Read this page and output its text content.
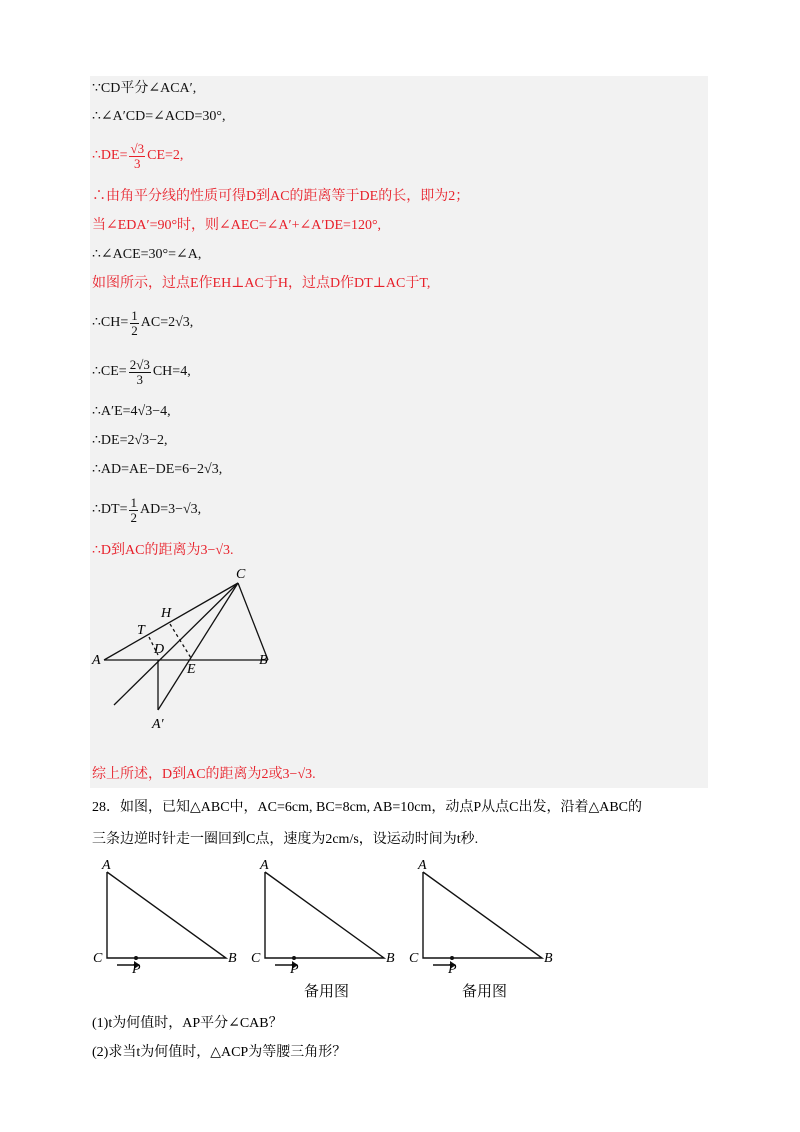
∵CD平分∠ACA′,
∴∠A′CD=∠ACD=30°,
∴DE= $\frac{√3}{3} CE=2$,
∴由角平分线的性质可得D到AC的距离等于DE的长，即为2；
当∠EDA′=90°时，则∠AEC=∠A′+∠A′DE=120°,
∴∠ACE=30°=∠A,
如图所示，过点E作EH⊥AC于H，过点D作DT⊥AC于T,
∴CH= $\frac{1}{2} AC=2√3$,
∴CE= $\frac{2√3}{3} CH=4$,
∴A′E=4√3−4,
∴DE=2√3−2,
∴AD=AE−DE=6−2√3,
∴DT= $\frac{1}{2} AD=3-√3$,
∴D到AC的距离为3−√3.
C
H
T
A
D
E
B
A′
综上所述，D到AC的距离为2或3−√3.
28．如图，已知△ABC中，AC=6cm, BC=8cm, AB=10cm，动点P从点C出发，沿着△ABC的
三条边逆时针走一圈回到C点，速度为2cm/s，设运动时间为t秒.
A
C	B
P
A
C	B
P
A
C	B
P
备用图	备用图
(1)t为何值时，AP平分∠CAB？
(2)求当t为何值时，△ACP为等腰三角形？
